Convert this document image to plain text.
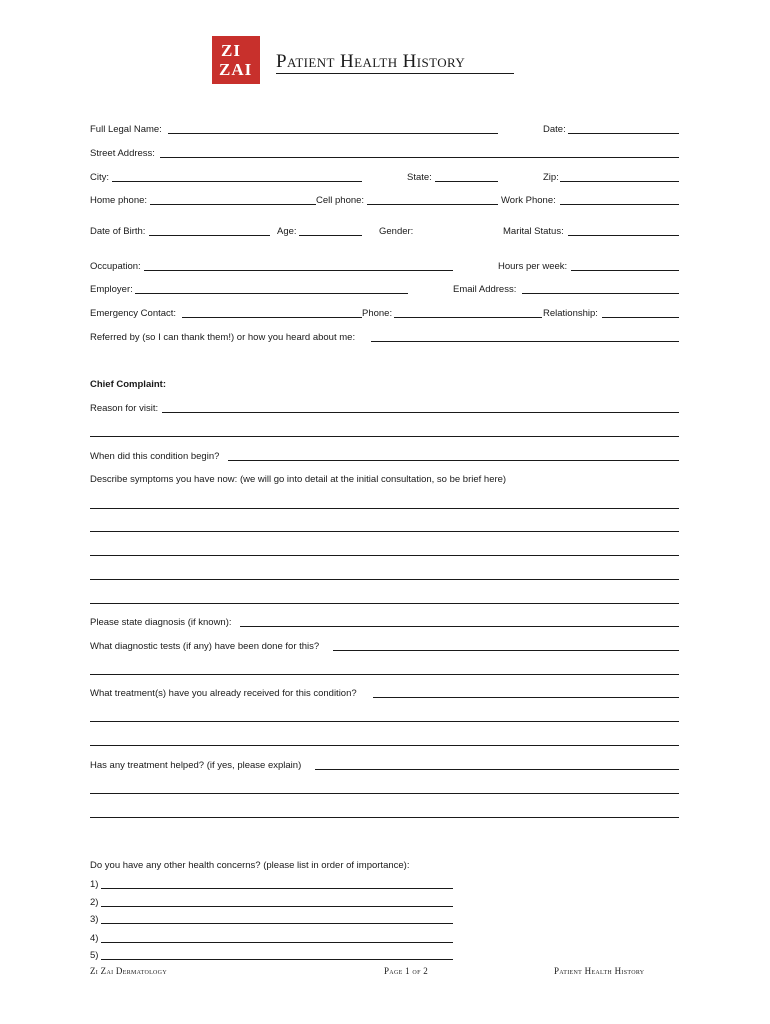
ZI
ZAI Patient Health History
Full Legal Name:	Date:
Street Address:
City:	State:	Zip:
Home phone:	Cell phone:	Work Phone:
Date of Birth:	Age:	Gender:	Marital Status:
Occupation:	Hours per week:
Employer:	Email Address:
Emergency Contact:	Phone:	Relationship:
Referred by (so I can thank them!) or how you heard about me:
Chief Complaint:
Reason for visit:
When did this condition begin?
Describe symptoms you have now: (we will go into detail at the initial consultation, so be brief here)
Please state diagnosis (if known):
What diagnostic tests (if any) have been done for this?
What treatment(s) have you already received for this condition?
Has any treatment helped? (if yes, please explain)
Do you have any other health concerns? (please list in order of importance):
1)
2)
3)
4)
5)
Zi Zai Dermatology	Page 1 of 2	Patient Health History
